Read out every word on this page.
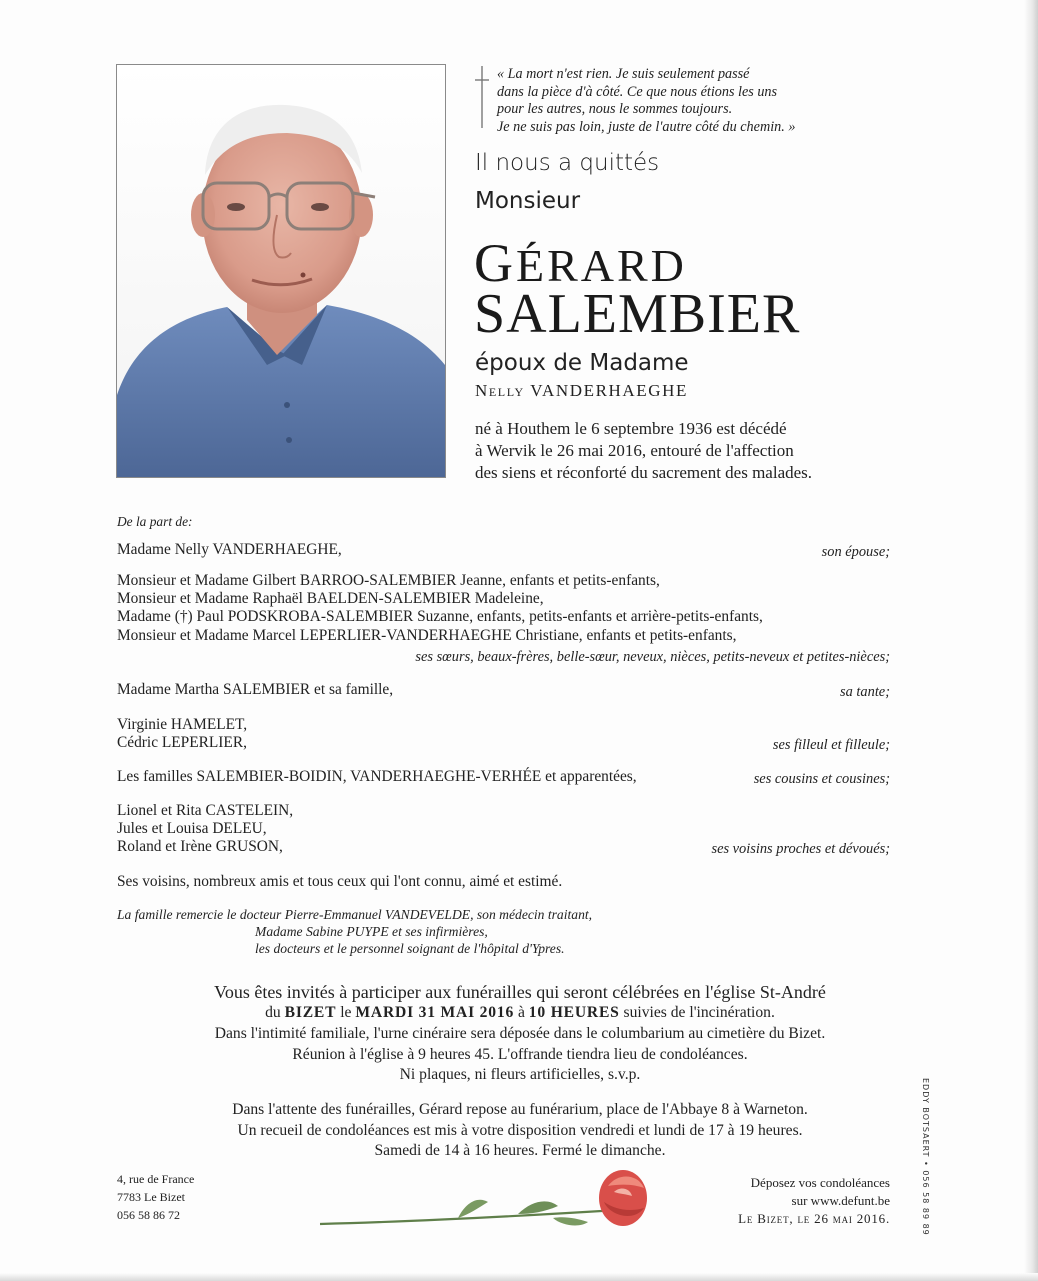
« La mort n'est rien. Je suis seulement passé
dans la pièce d'à côté. Ce que nous étions les uns
pour les autres, nous le sommes toujours.
Je ne suis pas loin, juste de l'autre côté du chemin. »
Il nous a quittés
Monsieur
GÉRARD
SALEMBIER
époux de Madame
Nelly VANDERHAEGHE
né à Houthem le 6 septembre 1936 est décédé
à Wervik le 26 mai 2016, entouré de l'affection
des siens et réconforté du sacrement des malades.
De la part de:
Madame Nelly VANDERHAEGHE,	son épouse;
Monsieur et Madame Gilbert BARROO-SALEMBIER Jeanne, enfants et petits-enfants,
Monsieur et Madame Raphaël BAELDEN-SALEMBIER Madeleine,
Madame (†) Paul PODSKROBA-SALEMBIER Suzanne, enfants, petits-enfants et arrière-petits-enfants,
Monsieur et Madame Marcel LEPERLIER-VANDERHAEGHE Christiane, enfants et petits-enfants,
ses sœurs, beaux-frères, belle-sœur, neveux, nièces, petits-neveux et petites-nièces;
Madame Martha SALEMBIER et sa famille,	sa tante;
Virginie HAMELET,
Cédric LEPERLIER,	ses filleul et filleule;
Les familles SALEMBIER-BOIDIN, VANDERHAEGHE-VERHÉE et apparentées,	ses cousins et cousines;
Lionel et Rita CASTELEIN,
Jules et Louisa DELEU,
Roland et Irène GRUSON,	ses voisins proches et dévoués;
Ses voisins, nombreux amis et tous ceux qui l'ont connu, aimé et estimé.
La famille remercie le docteur Pierre-Emmanuel VANDEVELDE, son médecin traitant,
Madame Sabine PUYPE et ses infirmières,
les docteurs et le personnel soignant de l'hôpital d'Ypres.
Vous êtes invités à participer aux funérailles qui seront célébrées en l'église St-André
du BIZET le MARDI 31 MAI 2016 à 10 HEURES suivies de l'incinération.
Dans l'intimité familiale, l'urne cinéraire sera déposée dans le columbarium au cimetière du Bizet.
Réunion à l'église à 9 heures 45. L'offrande tiendra lieu de condoléances.
Ni plaques, ni fleurs artificielles, s.v.p.
Dans l'attente des funérailles, Gérard repose au funérarium, place de l'Abbaye 8 à Warneton.
Un recueil de condoléances est mis à votre disposition vendredi et lundi de 17 à 19 heures.
Samedi de 14 à 16 heures. Fermé le dimanche.
4, rue de France
7783 Le Bizet
056 58 86 72
Déposez vos condoléances
sur www.defunt.be
Le Bizet, le 26 mai 2016.	EDDY BOTSAERT • 056 58 89 89
